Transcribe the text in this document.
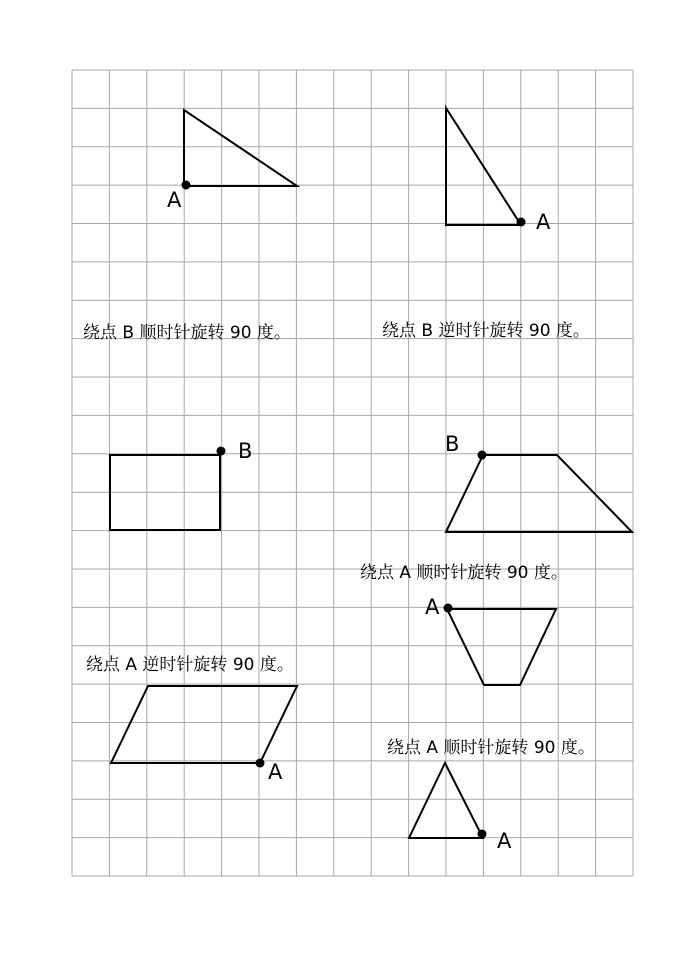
A
A
绕点 B 顺时针旋转 90 度。	绕点 B 逆时针旋转 90 度。
B	B
绕点 A 顺时针旋转 90 度。
A
绕点 A 逆时针旋转 90 度。
A
绕点 A 顺时针旋转 90 度。
A
